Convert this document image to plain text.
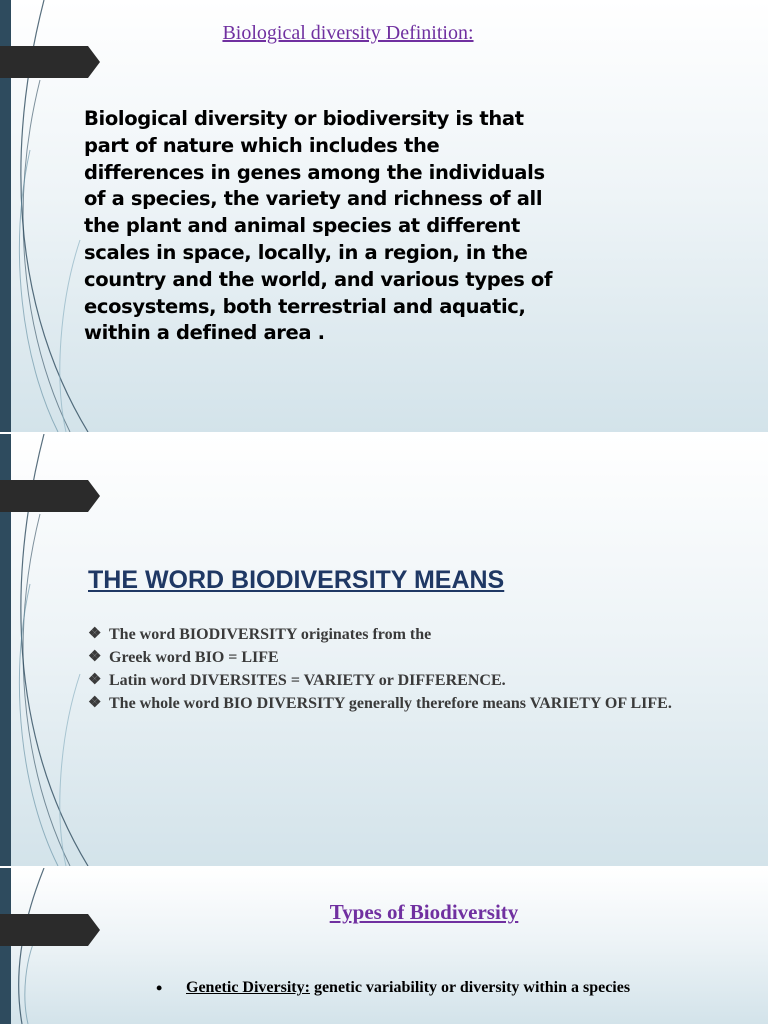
Biological diversity Definition:

Biological diversity or biodiversity is that part of nature which includes the differences in genes among the individuals of a species, the variety and richness of all the plant and animal species at different scales in space, locally, in a region, in the country and the world, and various types of ecosystems, both terrestrial and aquatic, within a defined area .

THE WORD BIODIVERSITY MEANS
❖ The word BIODIVERSITY originates from the
❖ Greek word BIO = LIFE
❖ Latin word DIVERSITES = VARIETY or DIFFERENCE.
❖ The whole word BIO DIVERSITY generally therefore means VARIETY OF LIFE.
Types of Biodiversity
• Genetic Diversity: genetic variability or diversity within a species
